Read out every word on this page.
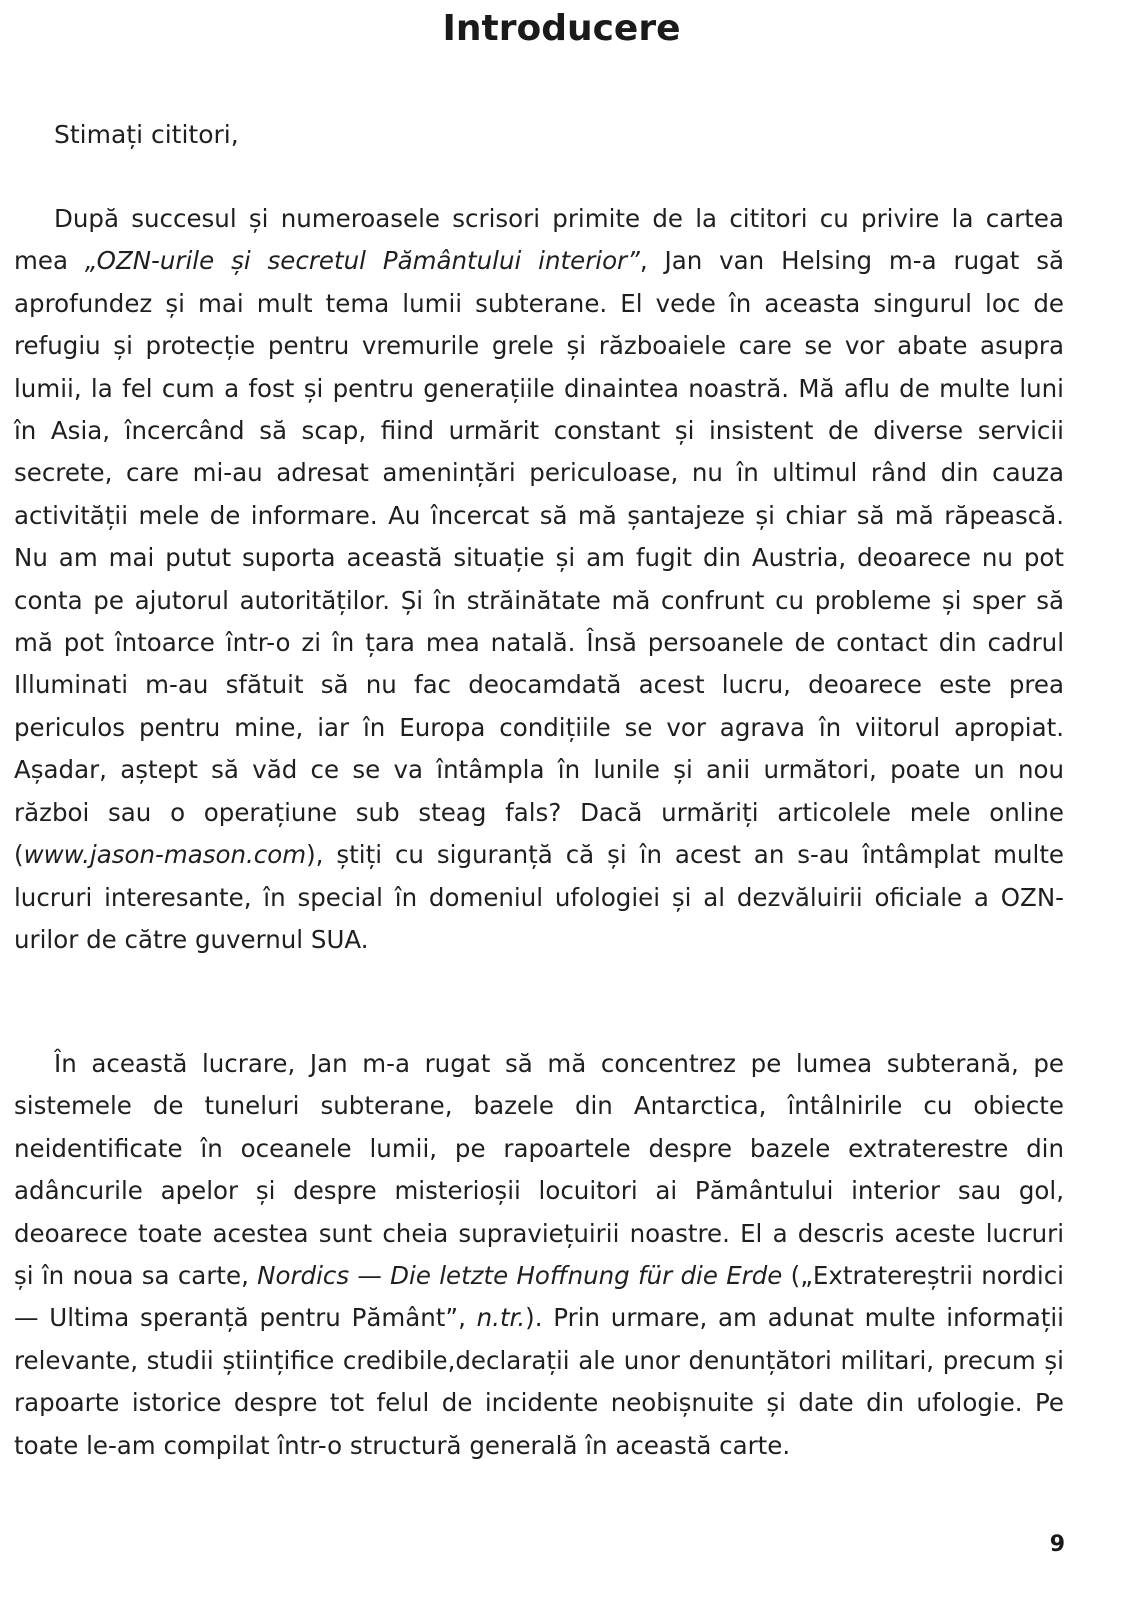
Introducere

Stimați cititori,

După succesul și numeroasele scrisori primite de la cititori cu privire la cartea mea „OZN-urile și secretul Pământului interior”, Jan van Helsing m-a rugat să aprofundez și mai mult tema lumii subterane. El vede în aceasta singurul loc de refugiu și protecție pentru vremurile grele și războaiele care se vor abate asupra lumii, la fel cum a fost și pentru generațiile dinaintea noastră. Mă aflu de multe luni în Asia, încercând să scap, fiind urmărit constant și insistent de diverse servicii secrete, care mi-au adresat amenințări periculoase, nu în ultimul rând din cauza activității mele de informare. Au încercat să mă șantajeze și chiar să mă răpească. Nu am mai putut suporta această situație și am fugit din Austria, deoarece nu pot conta pe ajutorul autorităților. Și în străinătate mă confrunt cu probleme și sper să mă pot întoarce într-o zi în țara mea natală. Însă persoanele de contact din cadrul Illuminati m-au sfătuit să nu fac deocamdată acest lucru, deoarece este prea periculos pentru mine, iar în Europa condițiile se vor agrava în viitorul apropiat. Așadar, aștept să văd ce se va întâmpla în lunile și anii următori, poate un nou război sau o operațiune sub steag fals? Dacă urmăriți articolele mele online (www.jason-mason.com), știți cu siguranță că și în acest an s-au întâmplat multe lucruri interesante, în special în domeniul ufologiei și al dezvăluirii oficiale a OZN-urilor de către guvernul SUA.

În această lucrare, Jan m-a rugat să mă concentrez pe lumea subterană, pe sistemele de tuneluri subterane, bazele din Antarctica, întâlnirile cu obiecte neidentificate în oceanele lumii, pe rapoartele despre bazele extraterestre din adâncurile apelor și despre misterioșii locuitori ai Pământului interior sau gol, deoarece toate acestea sunt cheia supraviețuirii noastre. El a descris aceste lucruri și în noua sa carte, Nordics — Die letzte Hoffnung für die Erde („Extratereștrii nordici — Ultima speranță pentru Pământ”, n.tr.). Prin urmare, am adunat multe informații relevante, studii științifice credibile,declarații ale unor denunțători militari, precum și rapoarte istorice despre tot felul de incidente neobișnuite și date din ufologie. Pe toate le-am compilat într-o structură generală în această carte.

9
